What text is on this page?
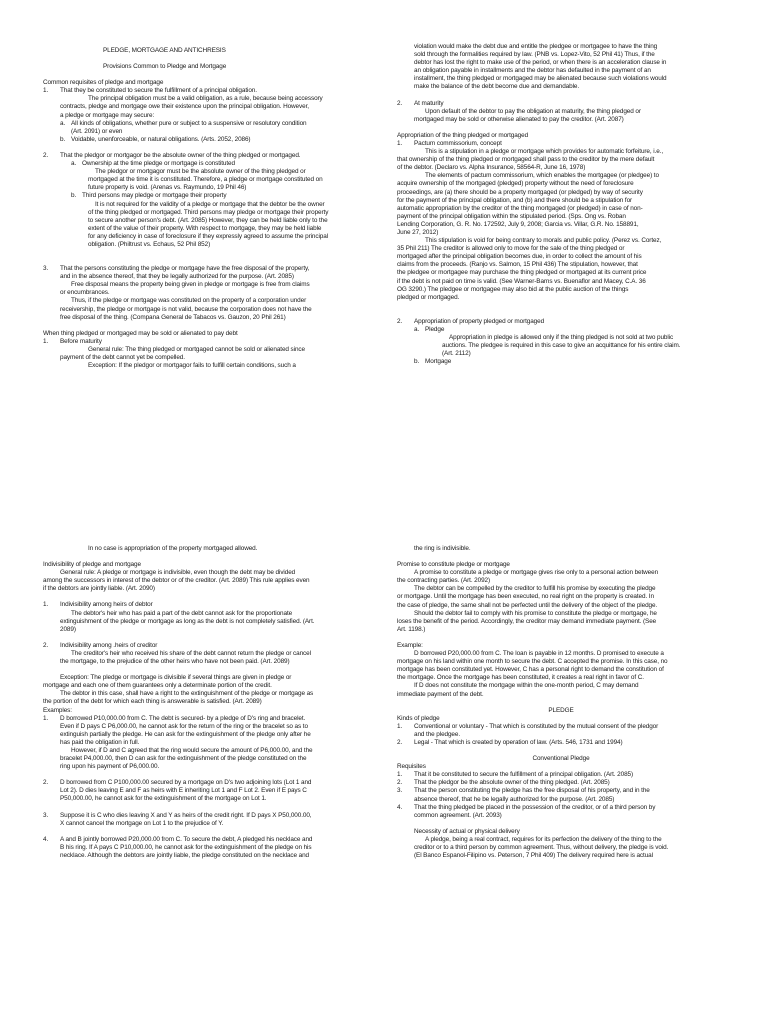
PLEDGE, MORTGAGE AND ANTICHRESIS
Provisions Common to Pledge and Mortgage
Common requisites of pledge and mortgage
1. That they be constituted to secure the fulfillment of a principal obligation.
The principal obligation must be a valid obligation, as a rule, because being accessory
contracts, pledge and mortgage owe their existence upon the principal obligation. However,
a pledge or mortgage may secure:
a. All kinds of obligations, whether pure or subject to a suspensive or resolutory condition
(Art. 2091) or even
b. Voidable, unenforceable, or natural obligations. (Arts. 2052, 2086)
2. That the pledgor or mortgagor be the absolute owner of the thing pledged or mortgaged.
a. Ownership at the time pledge or mortgage is constituted
The pledgor or mortgagor must be the absolute owner of the thing pledged or
mortgaged at the time it is constituted. Therefore, a pledge or mortgage constituted on
future property is void. (Arenas vs. Raymundo, 19 Phil 46)
b. Third persons may pledge or mortgage their property
It is not required for the validity of a pledge or mortgage that the debtor be the owner
of the thing pledged or mortgaged. Third persons may pledge or mortgage their property
to secure another person's debt. (Art. 2085) However, they can be held liable only to the
extent of the value of their property. With respect to mortgage, they may be held liable
for any deficiency in case of foreclosure if they expressly agreed to assume the principal
obligation. (Philtrust vs. Echaus, 52 Phil 852)
3. That the persons constituting the pledge or mortgage have the free disposal of the property,
and in the absence thereof, that they be legally authorized for the purpose. (Art. 2085)
Free disposal means the property being given in pledge or mortgage is free from claims
or encumbrances.
Thus, if the pledge or mortgage was constituted on the property of a corporation under
receivership, the pledge or mortgage is not valid, because the corporation does not have the
free disposal of the thing. (Compana General de Tabacos vs. Gauzon, 20 Phil 261)
When thing pledged or mortgaged may be sold or alienated to pay debt
1. Before maturity
General rule: The thing pledged or mortgaged cannot be sold or alienated since
payment of the debt cannot yet be compelled.
Exception: If the pledgor or mortgagor fails to fulfill certain conditions, such a
violation would make the debt due and entitle the pledgee or mortgagee to have the thing
sold through the formalities required by law. (PNB vs. Lopez-Vito, 52 Phil 41) Thus, if the
debtor has lost the right to make use of the period, or when there is an acceleration clause in
an obligation payable in installments and the debtor has defaulted in the payment of an
installment, the thing pledged or mortgaged may be alienated because such violations would
make the balance of the debt become due and demandable.
2. At maturity
Upon default of the debtor to pay the obligation at maturity, the thing pledged or
mortgaged may be sold or otherwise alienated to pay the creditor. (Art. 2087)
Appropriation of the thing pledged or mortgaged
1. Pactum commissorium, concept
This is a stipulation in a pledge or mortgage which provides for automatic forfeiture, i.e.,
that ownership of the thing pledged or mortgaged shall pass to the creditor by the mere default
of the debtor. (Declaro vs. Alpha Insurance, 58564-R, June 16, 1978)
The elements of pactum commissorium, which enables the mortgagee (or pledgee) to
acquire ownership of the mortgaged (pledged) property without the need of foreclosure
proceedings, are (a) there should be a property mortgaged (or pledged) by way of security
for the payment of the principal obligation, and (b) and there should be a stipulation for
automatic appropriation by the creditor of the thing mortgaged (or pledged) in case of non-
payment of the principal obligation within the stipulated period. (Sps. Ong vs. Roban
Lending Corporation, G. R. No. 172592, July 9, 2008; Garcia vs. Villar, G.R. No. 158891,
June 27, 2012)
This stipulation is void for being contrary to morals and public policy. (Perez vs. Cortez,
35 Phil 211) The creditor is allowed only to move for the sale of the thing pledged or
mortgaged after the principal obligation becomes due, in order to collect the amount of his
claims from the proceeds. (Ranjo vs. Salmon, 15 Phil 436) The stipulation, however, that
the pledgee or mortgagee may purchase the thing pledged or mortgaged at its current price
if the debt is not paid on time is valid. (See Warner-Barns vs. Buenaflor and Macey, C.A. 36
OG 3290.) The pledgee or mortgagee may also bid at the public auction of the things
pledged or mortgaged.
2. Appropriation of property pledged or mortgaged
a. Pledge
Appropriation in pledge is allowed only if the thing pledged is not sold at two public
auctions. The pledgee is required in this case to give an acquittance for his entire claim.
(Art. 2112)
b. Mortgage
In no case is appropriation of the property mortgaged allowed.
Indivisibility of pledge and mortgage
General rule: A pledge or mortgage is indivisible, even though the debt may be divided
among the successors in interest of the debtor or of the creditor. (Art. 2089) This rule applies even
if the debtors are jointly liable. (Art. 2090)
1. Indivisibility among heirs of debtor
The debtor's heir who has paid a part of the debt cannot ask for the proportionate
extinguishment of the pledge or mortgage as long as the debt is not completely satisfied. (Art.
2089)
2. Indivisibility among .heirs of creditor
The creditor's heir who received his share of the debt cannot return the pledge or cancel
the mortgage, to the prejudice of the other heirs who have not been paid. (Art. 2089)
Exception: The pledge or mortgage is divisible if several things are given in pledge or
mortgage and each one of them guarantees only a determinate portion of the credit.
The debtor in this case, shall have a right to the extinguishment of the pledge or mortgage as
the portion of the debt for which each thing is answerable is satisfied. (Art. 2089)
Examples:
1. D borrowed P10,000.00 from C. The debt is secured- by a pledge of D's ring and bracelet.
Even if D pays C P6,000.00, he cannot ask for the return of the ring or the bracelet so as to
extinguish partially the pledge. He can ask for the extinguishment of the pledge only after he
has paid the obligation in full.
However, if D and C agreed that the ring would secure the amount of P6,000.00, and the
bracelet P4,000.00, then D can ask for the extinguishment of the pledge constituted on the
ring upon his payment of P6,000.00.
2. D borrowed from C P100,000.00 secured by a mortgage on D's two adjoining lots (Lot 1 and
Lot 2). D dies leaving E and F as heirs with E inheriting Lot 1 and F Lot 2. Even if E pays C
P50,000.00, he cannot ask for the extinguishment of the mortgage on Lot 1.
3. Suppose it is C who dies leaving X and Y as heirs of the credit right. If D pays X P50,000.00,
X cannot cancel the mortgage on Lot 1 to the prejudice of Y.
4. A and B jointly borrowed P20,000.00 from C. To secure the debt, A pledged his necklace and
B his ring. If A pays C P10,000.00, he cannot ask for the extinguishment of the pledge on his
necklace. Although the debtors are jointly liable, the pledge constituted on the necklace and
the ring is indivisible.
Promise to constitute pledge or mortgage
A promise to constitute a pledge or mortgage gives rise only to a personal action between
the contracting parties. (Art. 2092)
The debtor can be compelled by the creditor to fulfill his promise by executing the pledge
or mortgage. Until the mortgage has been executed, no real right on the property is created. In
the case of pledge, the same shall not be perfected until the delivery of the object of the pledge.
Should the debtor fail to comply with his promise to constitute the pledge or mortgage, he
loses the benefit of the period. Accordingly, the creditor may demand immediate payment. (See
Art. 1198.)
Example:
D borrowed P20,000.00 from C. The loan is payable in 12 months. D promised to execute a
mortgage on his land within one month to secure the debt. C accepted the promise. In this case, no
mortgage has been constituted yet. However, C has a personal right to demand the constitution of
the mortgage. Once the mortgage has been constituted, it creates a real right in favor of C.
If D does not constitute the mortgage within the one-month period, C may demand
immediate payment of the debt.
PLEDGE
Kinds of pledge
1. Conventional or voluntary - That which is constituted by the mutual consent of the pledgor
and the pledgee.
2. Legal - That which is created by operation of law. (Arts. 546, 1731 and 1994)
Conventional Pledge
Requisites
1. That it be constituted to secure the fulfillment of a principal obligation. (Art. 2085)
2. That the pledgor be the absolute owner of the thing pledged. (Art. 2085)
3. That the person constituting the pledge has the free disposal of his property, and in the
absence thereof, that he be legally authorized for the purpose. (Art. 2085)
4. That the thing pledged be placed in the possession of the creditor, or of a third person by
common agreement. (Art. 2093)
Necessity of actual or physical delivery
A pledge, being a real contract, requires for its perfection the delivery of the thing to the
creditor or to a third person by common agreement. Thus, without delivery, the pledge is void.
(El Banco Espanol-Filipino vs. Peterson, 7 Phil 409) The delivery required here is actual
